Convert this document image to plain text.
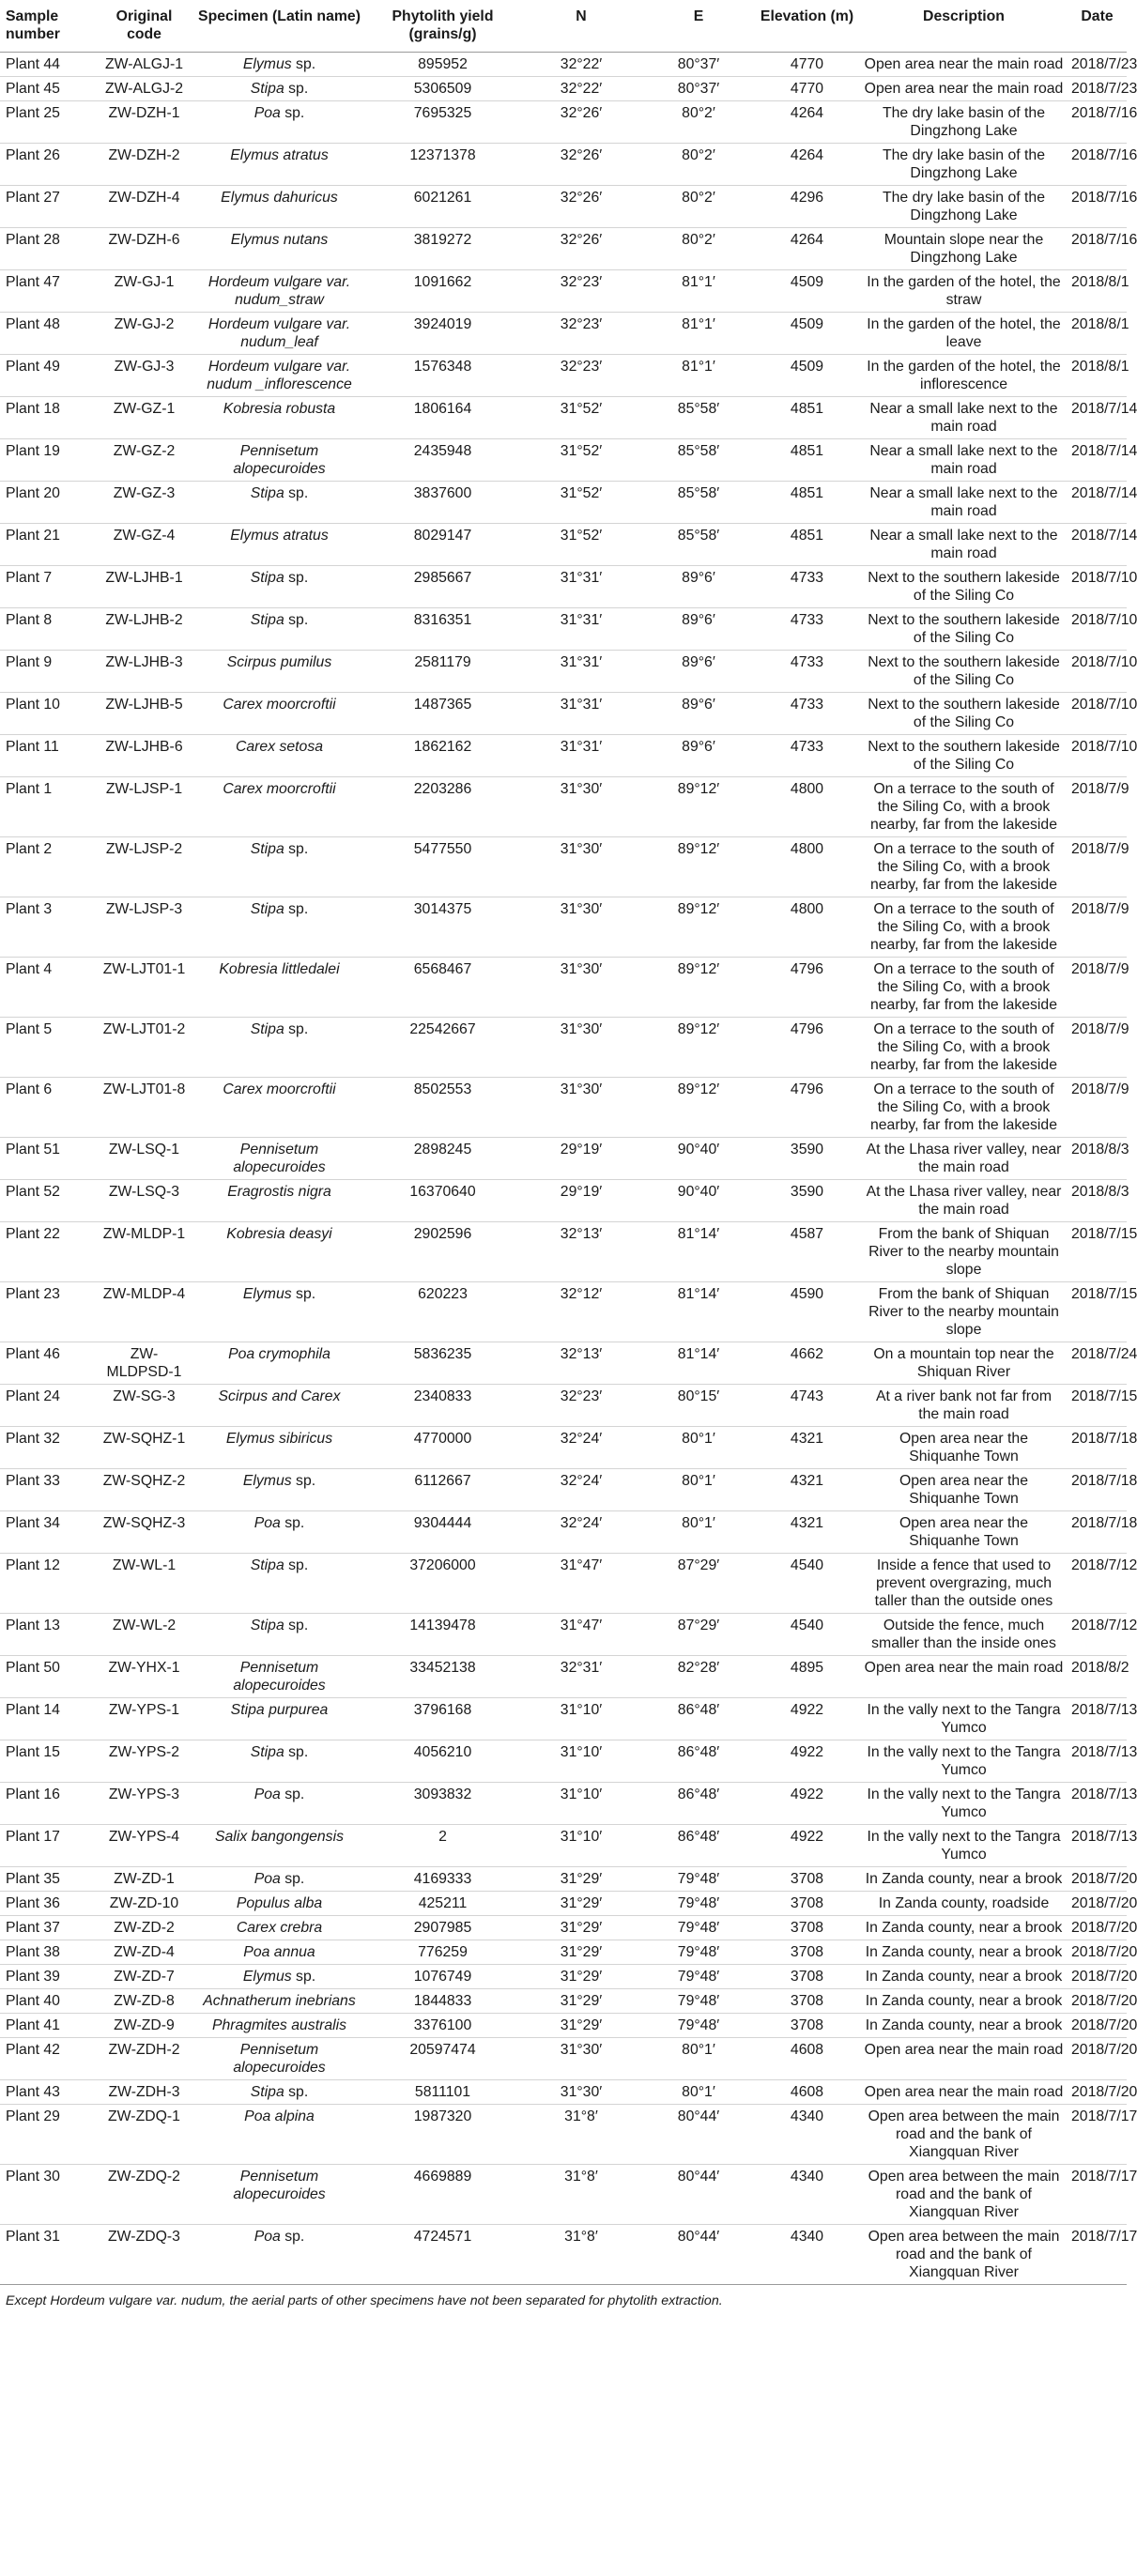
Sample number	Original code	Specimen (Latin name)	Phytolith yield (grains/g)	N	E	Elevation (m)	Description	Date
Plant 44	ZW-ALGJ-1	Elymus sp.	895952	32°22′	80°37′	4770	Open area near the main road	2018/7/23
Plant 45	ZW-ALGJ-2	Stipa sp.	5306509	32°22′	80°37′	4770	Open area near the main road	2018/7/23
Plant 25	ZW-DZH-1	Poa sp.	7695325	32°26′	80°2′	4264	The dry lake basin of the Dingzhong Lake	2018/7/16
Plant 26	ZW-DZH-2	Elymus atratus	12371378	32°26′	80°2′	4264	The dry lake basin of the Dingzhong Lake	2018/7/16
Plant 27	ZW-DZH-4	Elymus dahuricus	6021261	32°26′	80°2′	4296	The dry lake basin of the Dingzhong Lake	2018/7/16
Plant 28	ZW-DZH-6	Elymus nutans	3819272	32°26′	80°2′	4264	Mountain slope near the Dingzhong Lake	2018/7/16
Plant 47	ZW-GJ-1	Hordeum vulgare var. nudum_straw	1091662	32°23′	81°1′	4509	In the garden of the hotel, the straw	2018/8/1
Plant 48	ZW-GJ-2	Hordeum vulgare var. nudum_leaf	3924019	32°23′	81°1′	4509	In the garden of the hotel, the leave	2018/8/1
Plant 49	ZW-GJ-3	Hordeum vulgare var. nudum _inflorescence	1576348	32°23′	81°1′	4509	In the garden of the hotel, the inflorescence	2018/8/1
Plant 18	ZW-GZ-1	Kobresia robusta	1806164	31°52′	85°58′	4851	Near a small lake next to the main road	2018/7/14
Plant 19	ZW-GZ-2	Pennisetum alopecuroides	2435948	31°52′	85°58′	4851	Near a small lake next to the main road	2018/7/14
Plant 20	ZW-GZ-3	Stipa sp.	3837600	31°52′	85°58′	4851	Near a small lake next to the main road	2018/7/14
Plant 21	ZW-GZ-4	Elymus atratus	8029147	31°52′	85°58′	4851	Near a small lake next to the main road	2018/7/14
Plant 7	ZW-LJHB-1	Stipa sp.	2985667	31°31′	89°6′	4733	Next to the southern lakeside of the Siling Co	2018/7/10
Plant 8	ZW-LJHB-2	Stipa sp.	8316351	31°31′	89°6′	4733	Next to the southern lakeside of the Siling Co	2018/7/10
Plant 9	ZW-LJHB-3	Scirpus pumilus	2581179	31°31′	89°6′	4733	Next to the southern lakeside of the Siling Co	2018/7/10
Plant 10	ZW-LJHB-5	Carex moorcroftii	1487365	31°31′	89°6′	4733	Next to the southern lakeside of the Siling Co	2018/7/10
Plant 11	ZW-LJHB-6	Carex setosa	1862162	31°31′	89°6′	4733	Next to the southern lakeside of the Siling Co	2018/7/10
Plant 1	ZW-LJSP-1	Carex moorcroftii	2203286	31°30′	89°12′	4800	On a terrace to the south of the Siling Co, with a brook nearby, far from the lakeside	2018/7/9
Plant 2	ZW-LJSP-2	Stipa sp.	5477550	31°30′	89°12′	4800	On a terrace to the south of the Siling Co, with a brook nearby, far from the lakeside	2018/7/9
Plant 3	ZW-LJSP-3	Stipa sp.	3014375	31°30′	89°12′	4800	On a terrace to the south of the Siling Co, with a brook nearby, far from the lakeside	2018/7/9
Plant 4	ZW-LJT01-1	Kobresia littledalei	6568467	31°30′	89°12′	4796	On a terrace to the south of the Siling Co, with a brook nearby, far from the lakeside	2018/7/9
Plant 5	ZW-LJT01-2	Stipa sp.	22542667	31°30′	89°12′	4796	On a terrace to the south of the Siling Co, with a brook nearby, far from the lakeside	2018/7/9
Plant 6	ZW-LJT01-8	Carex moorcroftii	8502553	31°30′	89°12′	4796	On a terrace to the south of the Siling Co, with a brook nearby, far from the lakeside	2018/7/9
Plant 51	ZW-LSQ-1	Pennisetum alopecuroides	2898245	29°19′	90°40′	3590	At the Lhasa river valley, near the main road	2018/8/3
Plant 52	ZW-LSQ-3	Eragrostis nigra	16370640	29°19′	90°40′	3590	At the Lhasa river valley, near the main road	2018/8/3
Plant 22	ZW-MLDP-1	Kobresia deasyi	2902596	32°13′	81°14′	4587	From the bank of Shiquan River to the nearby mountain slope	2018/7/15
Plant 23	ZW-MLDP-4	Elymus sp.	620223	32°12′	81°14′	4590	From the bank of Shiquan River to the nearby mountain slope	2018/7/15
Plant 46	ZW-MLDPSD-1	Poa crymophila	5836235	32°13′	81°14′	4662	On a mountain top near the Shiquan River	2018/7/24
Plant 24	ZW-SG-3	Scirpus and Carex	2340833	32°23′	80°15′	4743	At a river bank not far from the main road	2018/7/15
Plant 32	ZW-SQHZ-1	Elymus sibiricus	4770000	32°24′	80°1′	4321	Open area near the Shiquanhe Town	2018/7/18
Plant 33	ZW-SQHZ-2	Elymus sp.	6112667	32°24′	80°1′	4321	Open area near the Shiquanhe Town	2018/7/18
Plant 34	ZW-SQHZ-3	Poa sp.	9304444	32°24′	80°1′	4321	Open area near the Shiquanhe Town	2018/7/18
Plant 12	ZW-WL-1	Stipa sp.	37206000	31°47′	87°29′	4540	Inside a fence that used to prevent overgrazing, much taller than the outside ones	2018/7/12
Plant 13	ZW-WL-2	Stipa sp.	14139478	31°47′	87°29′	4540	Outside the fence, much smaller than the inside ones	2018/7/12
Plant 50	ZW-YHX-1	Pennisetum alopecuroides	33452138	32°31′	82°28′	4895	Open area near the main road	2018/8/2
Plant 14	ZW-YPS-1	Stipa purpurea	3796168	31°10′	86°48′	4922	In the vally next to the Tangra Yumco	2018/7/13
Plant 15	ZW-YPS-2	Stipa sp.	4056210	31°10′	86°48′	4922	In the vally next to the Tangra Yumco	2018/7/13
Plant 16	ZW-YPS-3	Poa sp.	3093832	31°10′	86°48′	4922	In the vally next to the Tangra Yumco	2018/7/13
Plant 17	ZW-YPS-4	Salix bangongensis	2	31°10′	86°48′	4922	In the vally next to the Tangra Yumco	2018/7/13
Plant 35	ZW-ZD-1	Poa sp.	4169333	31°29′	79°48′	3708	In Zanda county, near a brook	2018/7/20
Plant 36	ZW-ZD-10	Populus alba	425211	31°29′	79°48′	3708	In Zanda county, roadside	2018/7/20
Plant 37	ZW-ZD-2	Carex crebra	2907985	31°29′	79°48′	3708	In Zanda county, near a brook	2018/7/20
Plant 38	ZW-ZD-4	Poa annua	776259	31°29′	79°48′	3708	In Zanda county, near a brook	2018/7/20
Plant 39	ZW-ZD-7	Elymus sp.	1076749	31°29′	79°48′	3708	In Zanda county, near a brook	2018/7/20
Plant 40	ZW-ZD-8	Achnatherum inebrians	1844833	31°29′	79°48′	3708	In Zanda county, near a brook	2018/7/20
Plant 41	ZW-ZD-9	Phragmites australis	3376100	31°29′	79°48′	3708	In Zanda county, near a brook	2018/7/20
Plant 42	ZW-ZDH-2	Pennisetum alopecuroides	20597474	31°30′	80°1′	4608	Open area near the main road	2018/7/20
Plant 43	ZW-ZDH-3	Stipa sp.	5811101	31°30′	80°1′	4608	Open area near the main road	2018/7/20
Plant 29	ZW-ZDQ-1	Poa alpina	1987320	31°8′	80°44′	4340	Open area between the main road and the bank of Xiangquan River	2018/7/17
Plant 30	ZW-ZDQ-2	Pennisetum alopecuroides	4669889	31°8′	80°44′	4340	Open area between the main road and the bank of Xiangquan River	2018/7/17
Plant 31	ZW-ZDQ-3	Poa sp.	4724571	31°8′	80°44′	4340	Open area between the main road and the bank of Xiangquan River	2018/7/17
Except Hordeum vulgare var. nudum, the aerial parts of other specimens have not been separated for phytolith extraction.
